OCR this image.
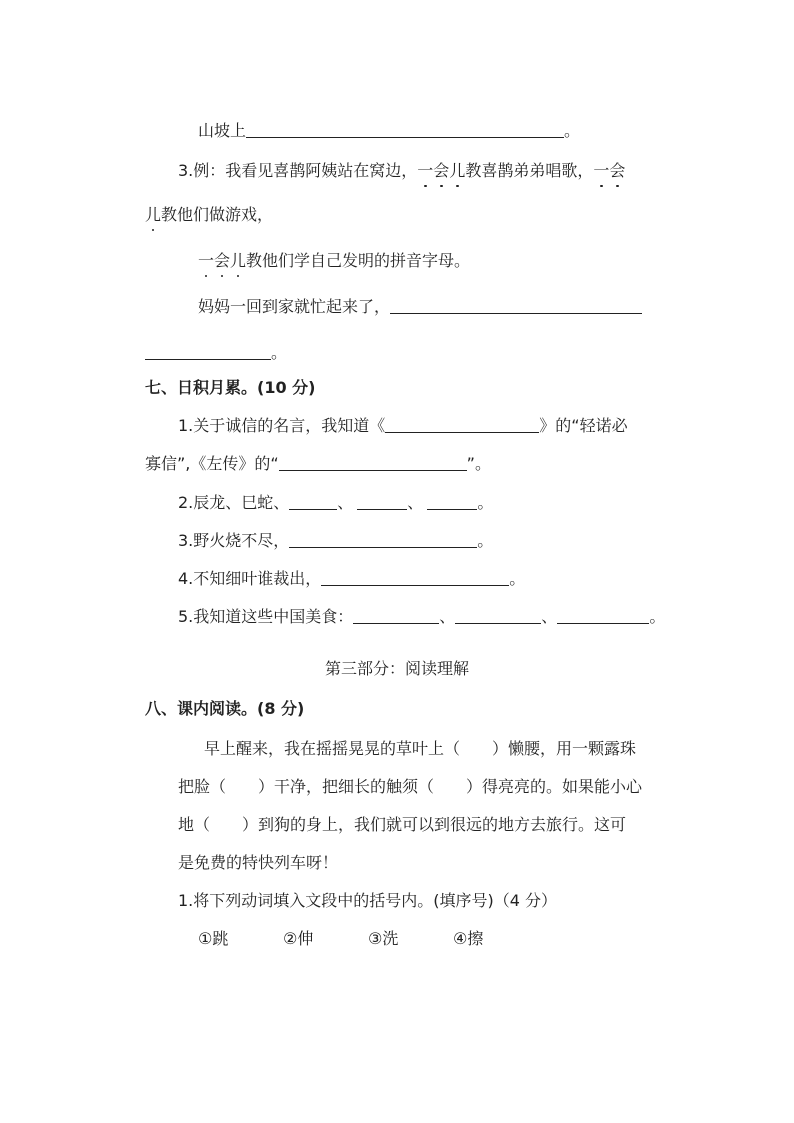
山坡上	。
3.例：我看见喜鹊阿姨站在窝边，一会儿教喜鹊弟弟唱歌，一会
儿教他们做游戏，
一会儿教他们学自己发明的拼音字母。
妈妈一回到家就忙起来了，
。
七、日积月累。(10 分)
1.关于诚信的名言，我知道《	》的“轻诺必
寡信”,《左传》的“	”。
2.辰龙、巳蛇、	、	、	。
3.野火烧不尽，	。
4.不知细叶谁裁出，	。
5.我知道这些中国美食：	、	、	。
第三部分：阅读理解
八、课内阅读。(8 分)
早上醒来，我在摇摇晃晃的草叶上（　　）懒腰，用一颗露珠
把脸（　　）干净，把细长的触须（　　）得亮亮的。如果能小心
地（　　）到狗的身上，我们就可以到很远的地方去旅行。这可
是免费的特快列车呀！
1.将下列动词填入文段中的括号内。(填序号)（4 分）
①跳	②伸	③洗	④擦
